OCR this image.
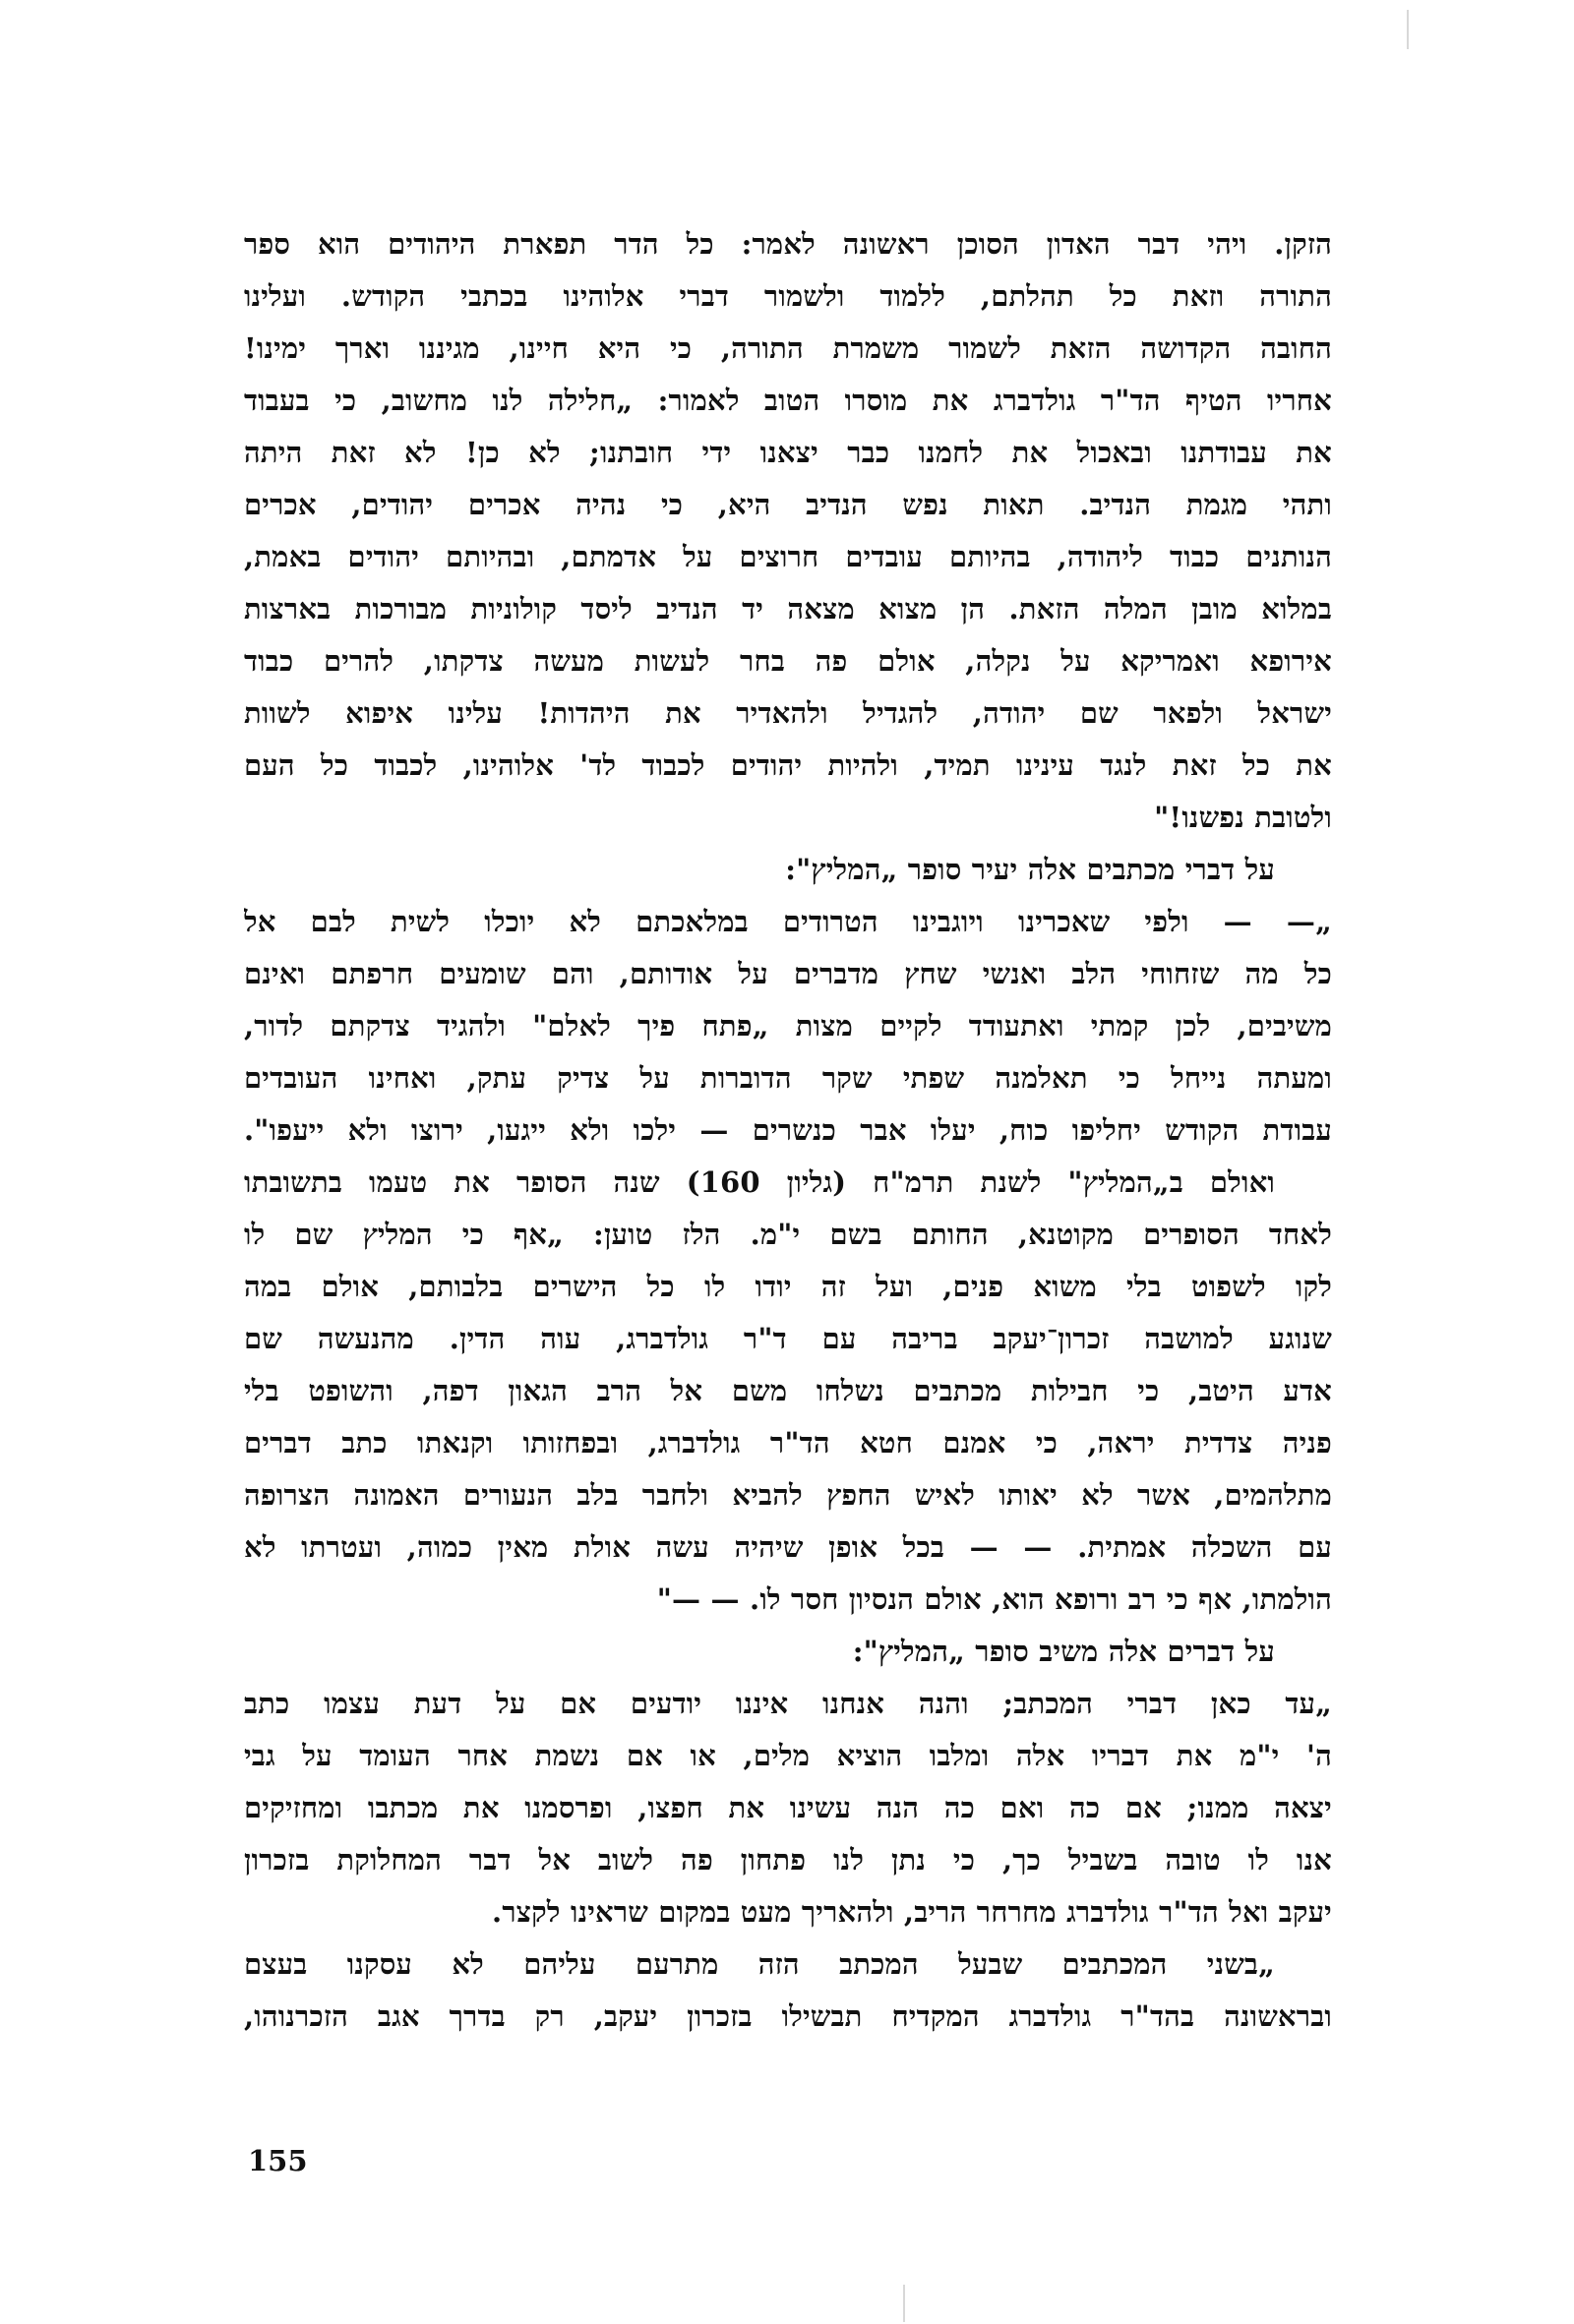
הזקן. ויהי דבר האדון הסוכן ראשונה לאמר: כל הדר תפארת היהודים הוא ספר
התורה וזאת כל תהלתם, ללמוד ולשמור דברי אלוהינו בכתבי הקודש. ועלינו
החובה הקדושה הזאת לשמור משמרת התורה, כי היא חיינו, מגיננו וארך ימינו!
אחריו הטיף הד"ר גולדברג את מוסרו הטוב לאמור: „חלילה לנו מחשוב, כי בעבוד
את עבודתנו ובאכול את לחמנו כבר יצאנו ידי חובתנו; לא כן! לא זאת היתה
ותהי מגמת הנדיב. תאות נפש הנדיב היא, כי נהיה אכרים יהודים, אכרים
הנותנים כבוד ליהודה, בהיותם עובדים חרוצים על אדמתם, ובהיותם יהודים באמת,
במלוא מובן המלה הזאת. הן מצוא מצאה יד הנדיב ליסד קולוניות מבורכות בארצות
אירופא ואמריקא על נקלה, אולם פה בחר לעשות מעשה צדקתו, להרים כבוד
ישראל ולפאר שם יהודה, להגדיל ולהאדיר את היהדות! עלינו איפוא לשוות
את כל זאת לנגד עינינו תמיד, ולהיות יהודים לכבוד לד' אלוהינו, לכבוד כל העם
ולטובת נפשנו!"
על דברי מכתבים אלה יעיר סופר „המליץ":
„— — ולפי שאכרינו ויוגבינו הטרודים במלאכתם לא יוכלו לשית לבם אל
כל מה שזחוחי הלב ואנשי שחץ מדברים על אודותם, והם שומעים חרפתם ואינם
משיבים, לכן קמתי ואתעודד לקיים מצות „פתח פיך לאלם" ולהגיד צדקתם לדור,
ומעתה נייחל כי תאלמנה שפתי שקר הדוברות על צדיק עתק, ואחינו העובדים
עבודת הקודש יחליפו כוח, יעלו אבר כנשרים — ילכו ולא ייגעו, ירוצו ולא ייעפו".
ואולם ב„המליץ" לשנת תרמ"ח (גליון 160) שנה הסופר את טעמו בתשובתו
לאחד הסופרים מקוטנא, החותם בשם י"מ. הלז טוען: „אף כי המליץ שם לו
לקו לשפוט בלי משוא פנים, ועל זה יודו לו כל הישרים בלבותם, אולם במה
שנוגע למושבה זכרון־יעקב בריבה עם ד"ר גולדברג, עוה הדין. מהנעשה שם
אדע היטב, כי חבילות מכתבים נשלחו משם אל הרב הגאון דפה, והשופט בלי
פניה צדדית יראה, כי אמנם חטא הד"ר גולדברג, ובפחזותו וקנאתו כתב דברים
מתלהמים, אשר לא יאותו לאיש החפץ להביא ולחבר בלב הנעורים האמונה הצרופה
עם השכלה אמתית. — — בכל אופן שיהיה עשה אולת מאין כמוה, ועטרתו לא
הולמתו, אף כי רב ורופא הוא, אולם הנסיון חסר לו. — —"
על דברים אלה משיב סופר „המליץ":
„עד כאן דברי המכתב; והנה אנחנו איננו יודעים אם על דעת עצמו כתב
ה' י"מ את דבריו אלה ומלבו הוציא מלים, או אם נשמת אחר העומד על גבי
יצאה ממנו; אם כה ואם כה הנה עשינו את חפצו, ופרסמנו את מכתבו ומחזיקים
אנו לו טובה בשביל כך, כי נתן לנו פתחון פה לשוב אל דבר המחלוקת בזכרון
יעקב ואל הד"ר גולדברג מחרחר הריב, ולהאריך מעט במקום שראינו לקצר.
„בשני המכתבים שבעל המכתב הזה מתרעם עליהם לא עסקנו בעצם
ובראשונה בהד"ר גולדברג המקדיח תבשילו בזכרון יעקב, רק בדרך אגב הזכרנוהו,
155
